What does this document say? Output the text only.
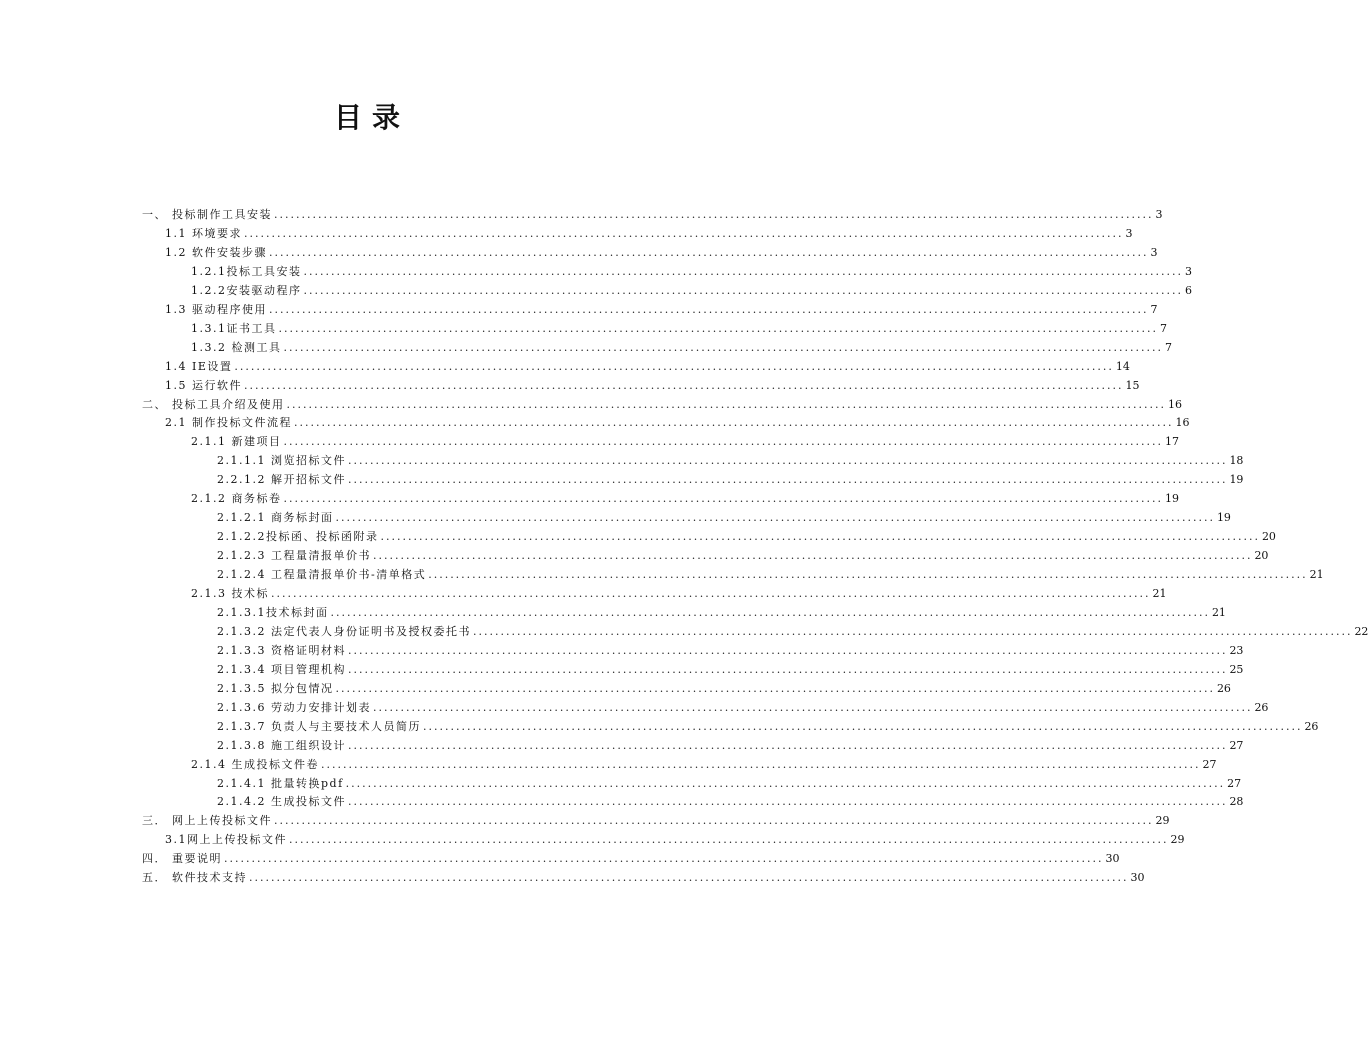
目录
一、 投标制作工具安装 ................................................................................................................................................................ 3
1.1 环境要求 ................................................................................................................................................................ 3
1.2 软件安装步骤 ................................................................................................................................................................ 3
1.2.1投标工具安装 ................................................................................................................................................................ 3
1.2.2安装驱动程序 ................................................................................................................................................................ 6
1.3 驱动程序使用 ................................................................................................................................................................ 7
1.3.1证书工具 ................................................................................................................................................................ 7
1.3.2 检测工具 ................................................................................................................................................................ 7
1.4 IE设置 ................................................................................................................................................................ 14
1.5 运行软件 ................................................................................................................................................................ 15
二、 投标工具介绍及使用 ................................................................................................................................................................ 16
2.1 制作投标文件流程 ................................................................................................................................................................ 16
2.1.1 新建项目 ................................................................................................................................................................ 17
2.1.1.1 浏览招标文件 ................................................................................................................................................................ 18
2.2.1.2 解开招标文件 ................................................................................................................................................................ 19
2.1.2 商务标卷 ................................................................................................................................................................ 19
2.1.2.1 商务标封面 ................................................................................................................................................................ 19
2.1.2.2投标函、投标函附录 ................................................................................................................................................................ 20
2.1.2.3 工程量清报单价书 ................................................................................................................................................................ 20
2.1.2.4 工程量清报单价书-清单格式 ................................................................................................................................................................ 21
2.1.3 技术标 ................................................................................................................................................................ 21
2.1.3.1技术标封面 ................................................................................................................................................................ 21
2.1.3.2 法定代表人身份证明书及授权委托书 ................................................................................................................................................................ 22
2.1.3.3 资格证明材料 ................................................................................................................................................................ 23
2.1.3.4 项目管理机构 ................................................................................................................................................................ 25
2.1.3.5 拟分包情况 ................................................................................................................................................................ 26
2.1.3.6 劳动力安排计划表 ................................................................................................................................................................ 26
2.1.3.7 负责人与主要技术人员简历 ................................................................................................................................................................ 26
2.1.3.8 施工组织设计 ................................................................................................................................................................ 27
2.1.4 生成投标文件卷 ................................................................................................................................................................ 27
2.1.4.1 批量转换pdf ................................................................................................................................................................ 27
2.1.4.2 生成投标文件 ................................................................................................................................................................ 28
三． 网上上传投标文件 ................................................................................................................................................................ 29
3.1网上上传投标文件 ................................................................................................................................................................ 29
四． 重要说明 ................................................................................................................................................................ 30
五． 软件技术支持 ................................................................................................................................................................ 30
